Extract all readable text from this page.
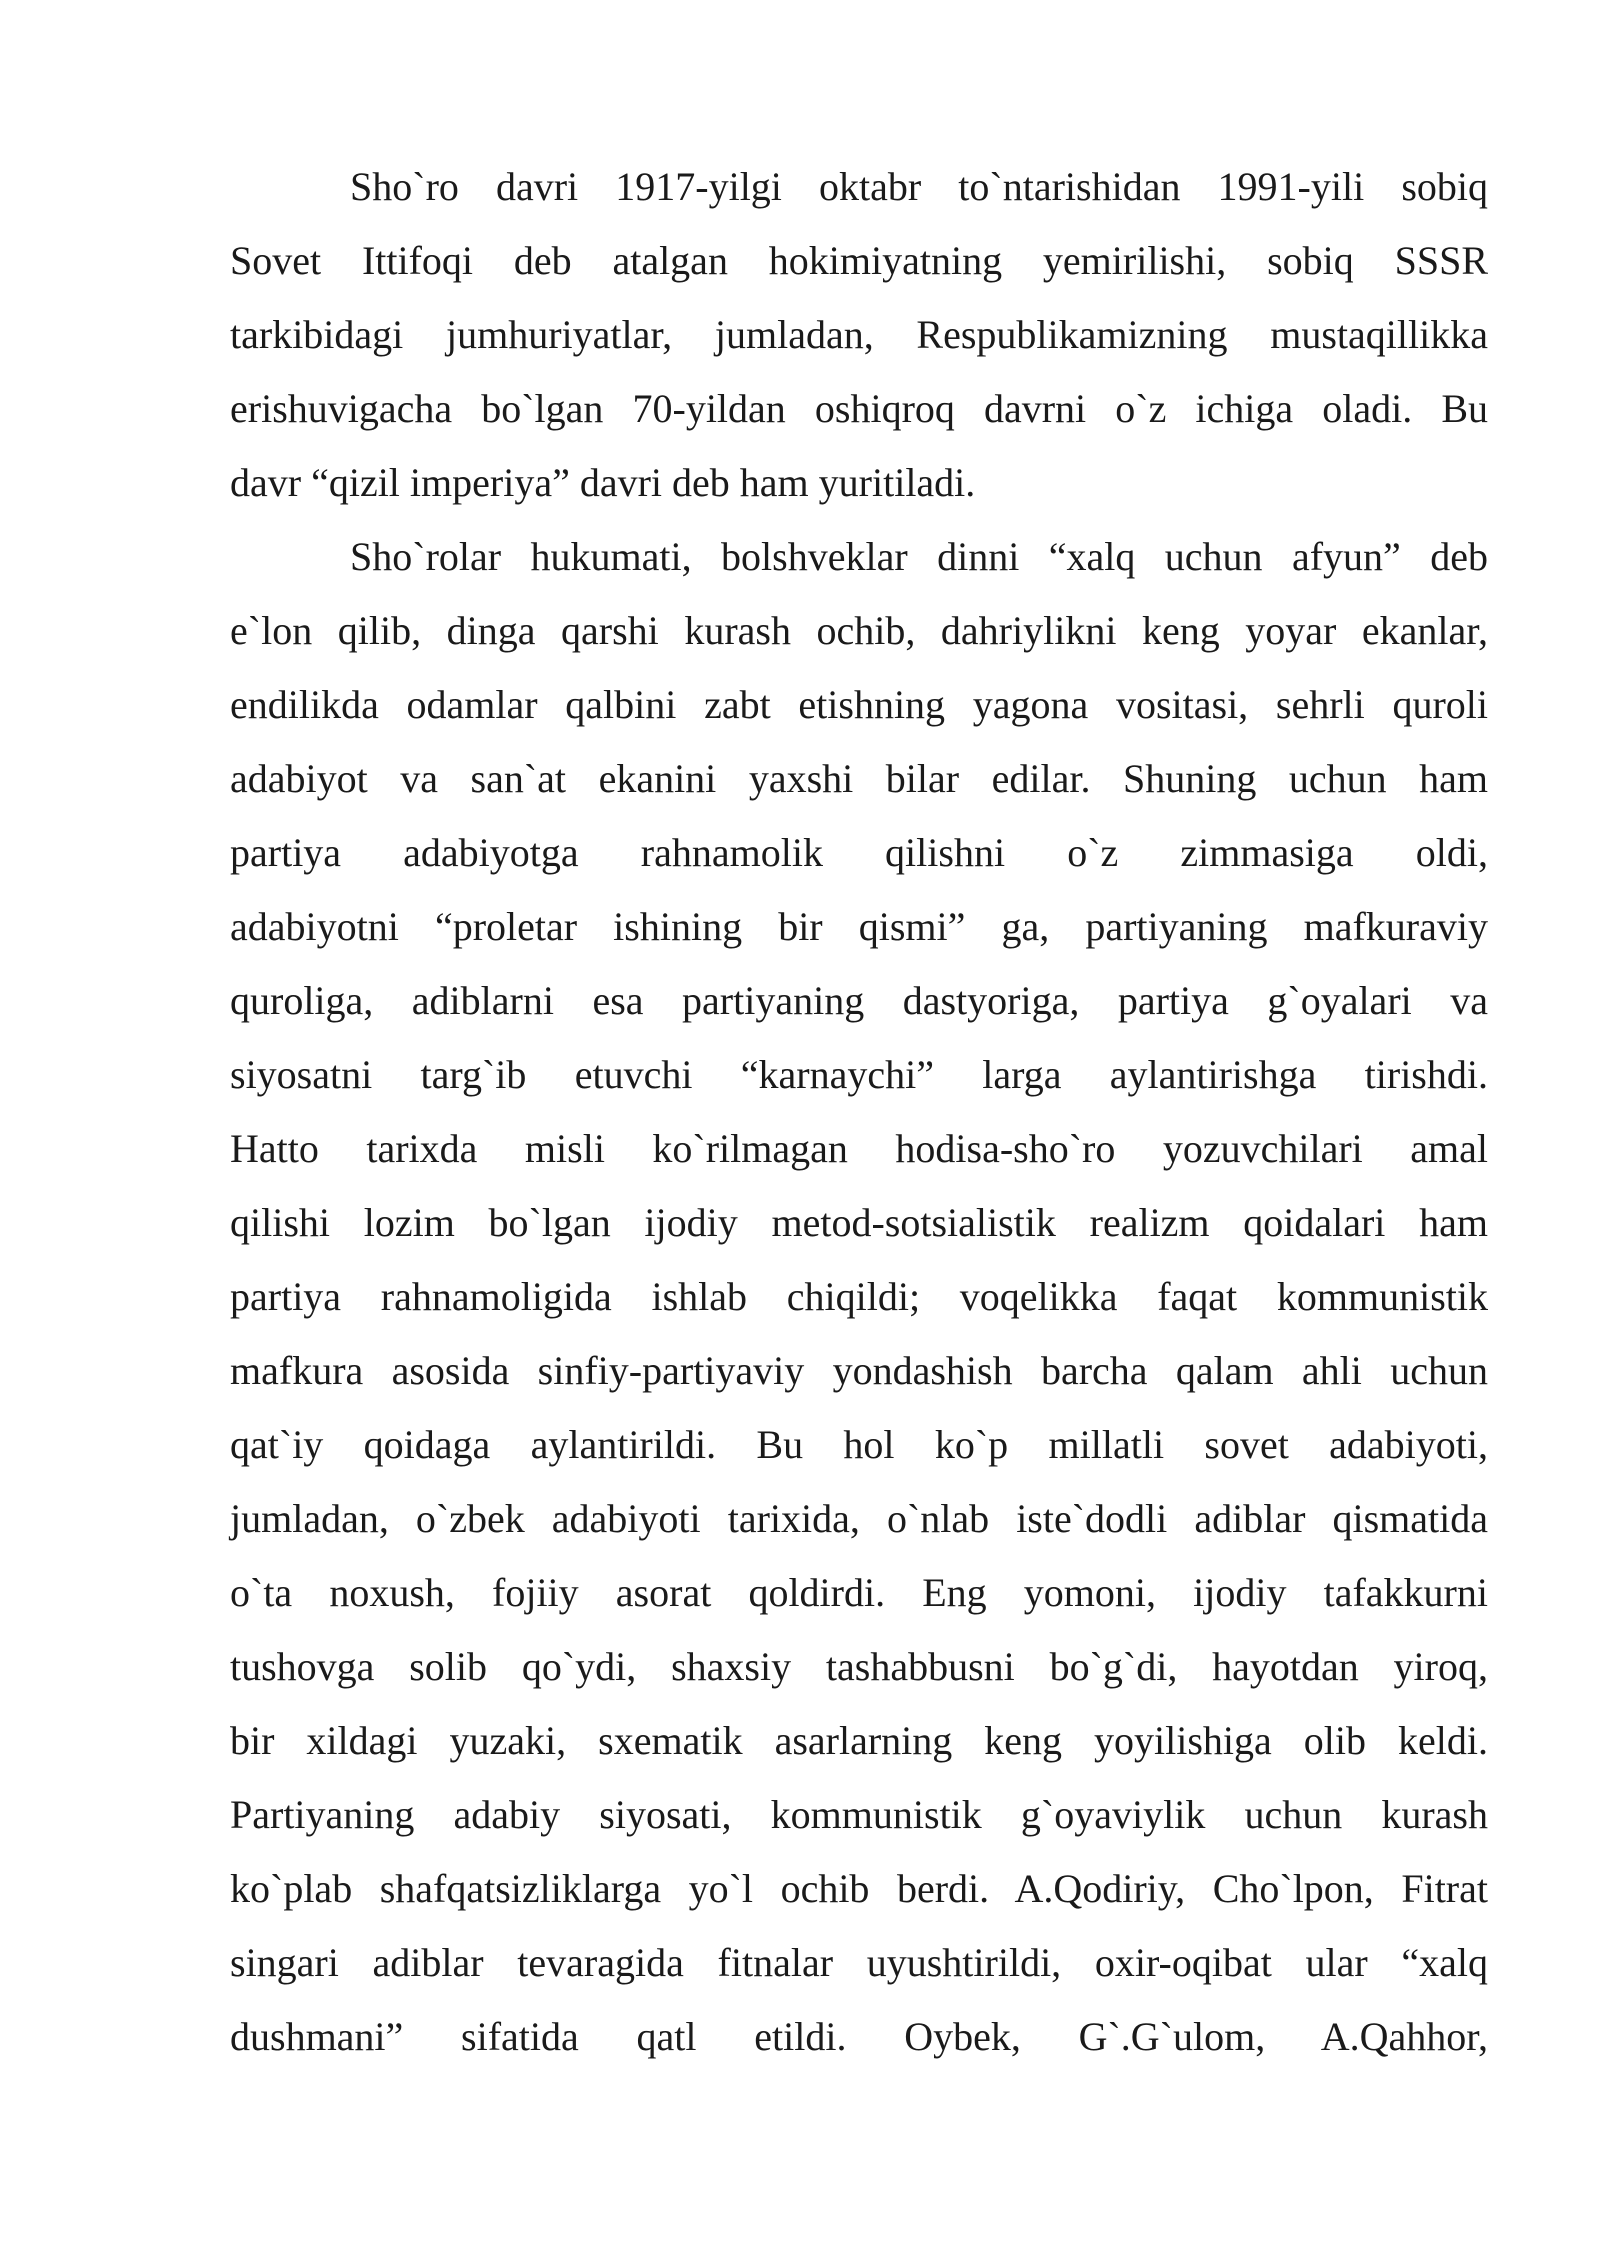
Sho`ro davri 1917-yilgi oktabr to`ntarishidan 1991-yili sobiq
Sovet Ittifoqi deb atalgan hokimiyatning yemirilishi, sobiq SSSR
tarkibidagi jumhuriyatlar, jumladan, Respublikamizning mustaqillikka
erishuvigacha bo`lgan 70-yildan oshiqroq davrni o`z ichiga oladi. Bu
davr “qizil imperiya” davri deb ham yuritiladi.
Sho`rolar hukumati, bolshveklar dinni “xalq uchun afyun” deb
e`lon qilib, dinga qarshi kurash ochib, dahriylikni keng yoyar ekanlar,
endilikda odamlar qalbini zabt etishning yagona vositasi, sehrli quroli
adabiyot va san`at ekanini yaxshi bilar edilar. Shuning uchun ham
partiya adabiyotga rahnamolik qilishni o`z zimmasiga oldi,
adabiyotni “proletar ishining bir qismi” ga, partiyaning mafkuraviy
quroliga, adiblarni esa partiyaning dastyoriga, partiya g`oyalari va
siyosatni targ`ib etuvchi “karnaychi” larga aylantirishga tirishdi.
Hatto tarixda misli ko`rilmagan hodisa-sho`ro yozuvchilari amal
qilishi lozim bo`lgan ijodiy metod-sotsialistik realizm qoidalari ham
partiya rahnamoligida ishlab chiqildi; voqelikka faqat kommunistik
mafkura asosida sinfiy-partiyaviy yondashish barcha qalam ahli uchun
qat`iy qoidaga aylantirildi. Bu hol ko`p millatli sovet adabiyoti,
jumladan, o`zbek adabiyoti tarixida, o`nlab iste`dodli adiblar qismatida
o`ta noxush, fojiiy asorat qoldirdi. Eng yomoni, ijodiy tafakkurni
tushovga solib qo`ydi, shaxsiy tashabbusni bo`g`di, hayotdan yiroq,
bir xildagi yuzaki, sxematik asarlarning keng yoyilishiga olib keldi.
Partiyaning adabiy siyosati, kommunistik g`oyaviylik uchun kurash
ko`plab shafqatsizliklarga yo`l ochib berdi. A.Qodiriy, Cho`lpon, Fitrat
singari adiblar tevaragida fitnalar uyushtirildi, oxir-oqibat ular “xalq
dushmani” sifatida qatl etildi. Oybek, G`.G`ulom, A.Qahhor,
